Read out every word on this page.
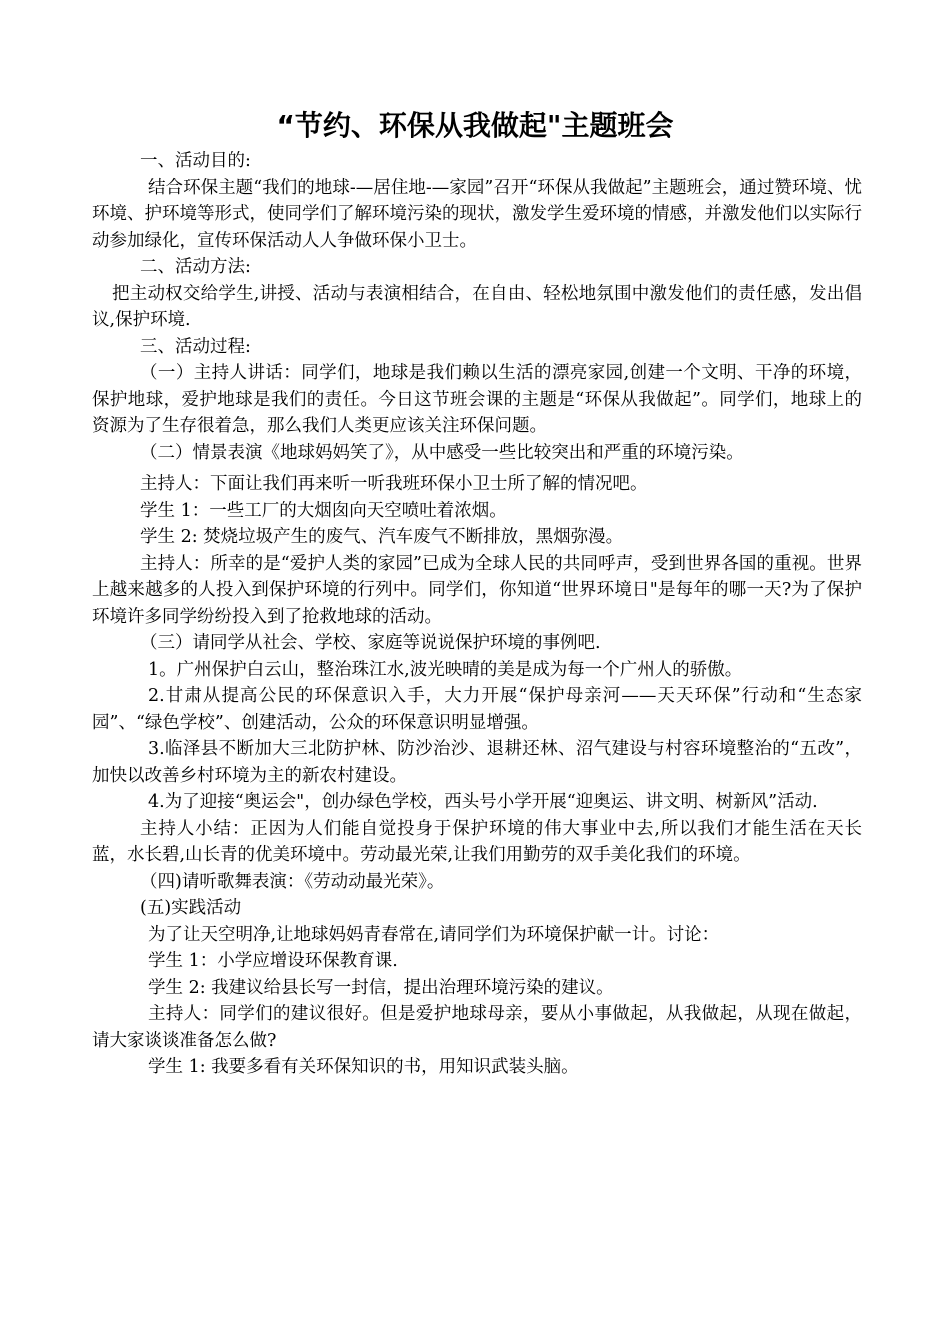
“节约、环保从我做起"主题班会

一、活动目的:

结合环保主题“我们的地球-—居住地-—家园”召开“环保从我做起”主题班会，通过赞环境、忧环境、护环境等形式，使同学们了解环境污染的现状，激发学生爱环境的情感，并激发他们以实际行动参加绿化，宣传环保活动人人争做环保小卫士。

二、活动方法:

把主动权交给学生,讲授、活动与表演相结合，在自由、轻松地氛围中激发他们的责任感，发出倡议,保护环境.

三、活动过程:

（一）主持人讲话：同学们，地球是我们赖以生活的漂亮家园,创建一个文明、干净的环境，保护地球，爱护地球是我们的责任。今日这节班会课的主题是“环保从我做起”。同学们，地球上的资源为了生存很着急，那么我们人类更应该关注环保问题。

（二）情景表演《地球妈妈笑了》，从中感受一些比较突出和严重的环境污染。

主持人：下面让我们再来听一听我班环保小卫士所了解的情况吧。

学生 1：一些工厂的大烟囱向天空喷吐着浓烟。

学生 2: 焚烧垃圾产生的废气、汽车废气不断排放，黑烟弥漫。

主持人：所幸的是“爱护人类的家园”已成为全球人民的共同呼声，受到世界各国的重视。世界上越来越多的人投入到保护环境的行列中。同学们，你知道“世界环境日"是每年的哪一天?为了保护环境许多同学纷纷投入到了抢救地球的活动。

（三）请同学从社会、学校、家庭等说说保护环境的事例吧.

1。广州保护白云山，整治珠江水,波光映晴的美是成为每一个广州人的骄傲。

2.甘肃从提高公民的环保意识入手，大力开展“保护母亲河——天天环保”行动和“生态家园”、“绿色学校”、创建活动，公众的环保意识明显增强。

3.临泽县不断加大三北防护林、防沙治沙、退耕还林、沼气建设与村容环境整治的“五改”，加快以改善乡村环境为主的新农村建设。

4.为了迎接“奥运会"，创办绿色学校，西头号小学开展“迎奥运、讲文明、树新风”活动.

主持人小结：正因为人们能自觉投身于保护环境的伟大事业中去,所以我们才能生活在天长蓝，水长碧,山长青的优美环境中。劳动最光荣,让我们用勤劳的双手美化我们的环境。

（四)请听歌舞表演：《劳动动最光荣》。

(五)实践活动

为了让天空明净,让地球妈妈青春常在,请同学们为环境保护献一计。讨论：

学生 1：小学应增设环保教育课.

学生 2: 我建议给县长写一封信，提出治理环境污染的建议。

主持人：同学们的建议很好。但是爱护地球母亲，要从小事做起，从我做起，从现在做起，请大家谈谈准备怎么做?

学生 1: 我要多看有关环保知识的书，用知识武装头脑。
